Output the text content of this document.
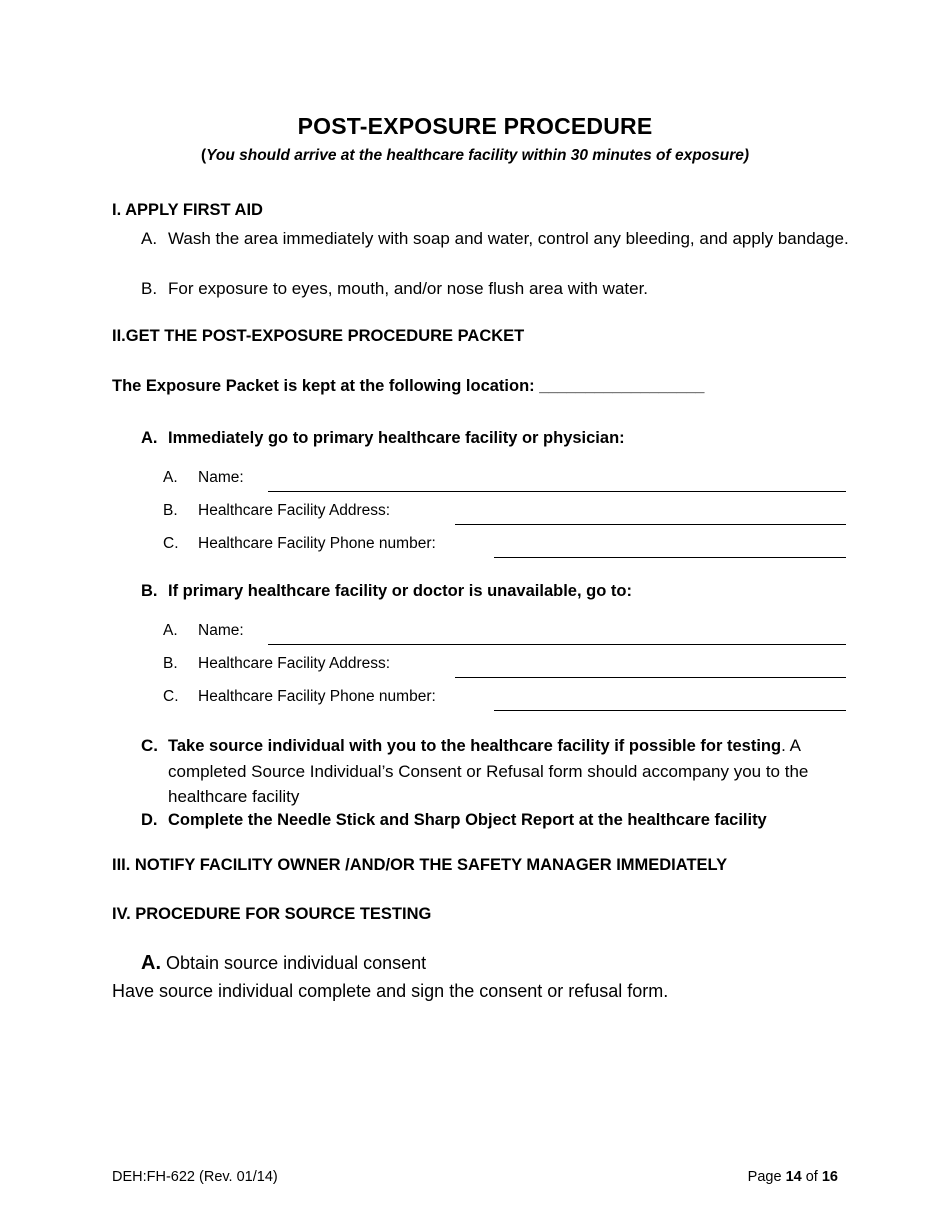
POST-EXPOSURE PROCEDURE
(You should arrive at the healthcare facility within 30 minutes of exposure)
I. APPLY FIRST AID
A. Wash the area immediately with soap and water, control any bleeding, and apply bandage.
B. For exposure to eyes, mouth, and/or nose flush area with water.
II.GET THE POST-EXPOSURE PROCEDURE PACKET
The Exposure Packet is kept at the following location: __________________
A. Immediately go to primary healthcare facility or physician:
A. Name:
B. Healthcare Facility Address:
C. Healthcare Facility Phone number:
B. If primary healthcare facility or doctor is unavailable, go to:
A. Name:
B. Healthcare Facility Address:
C. Healthcare Facility Phone number:
C. Take source individual with you to the healthcare facility if possible for testing. A completed Source Individual’s Consent or Refusal form should accompany you to the healthcare facility
D. Complete the Needle Stick and Sharp Object Report at the healthcare facility
III. NOTIFY FACILITY OWNER /AND/OR THE SAFETY MANAGER IMMEDIATELY
IV. PROCEDURE FOR SOURCE TESTING
A. Obtain source individual consent
Have source individual complete and sign the consent or refusal form.
DEH:FH-622 (Rev. 01/14)	Page 14 of 16
